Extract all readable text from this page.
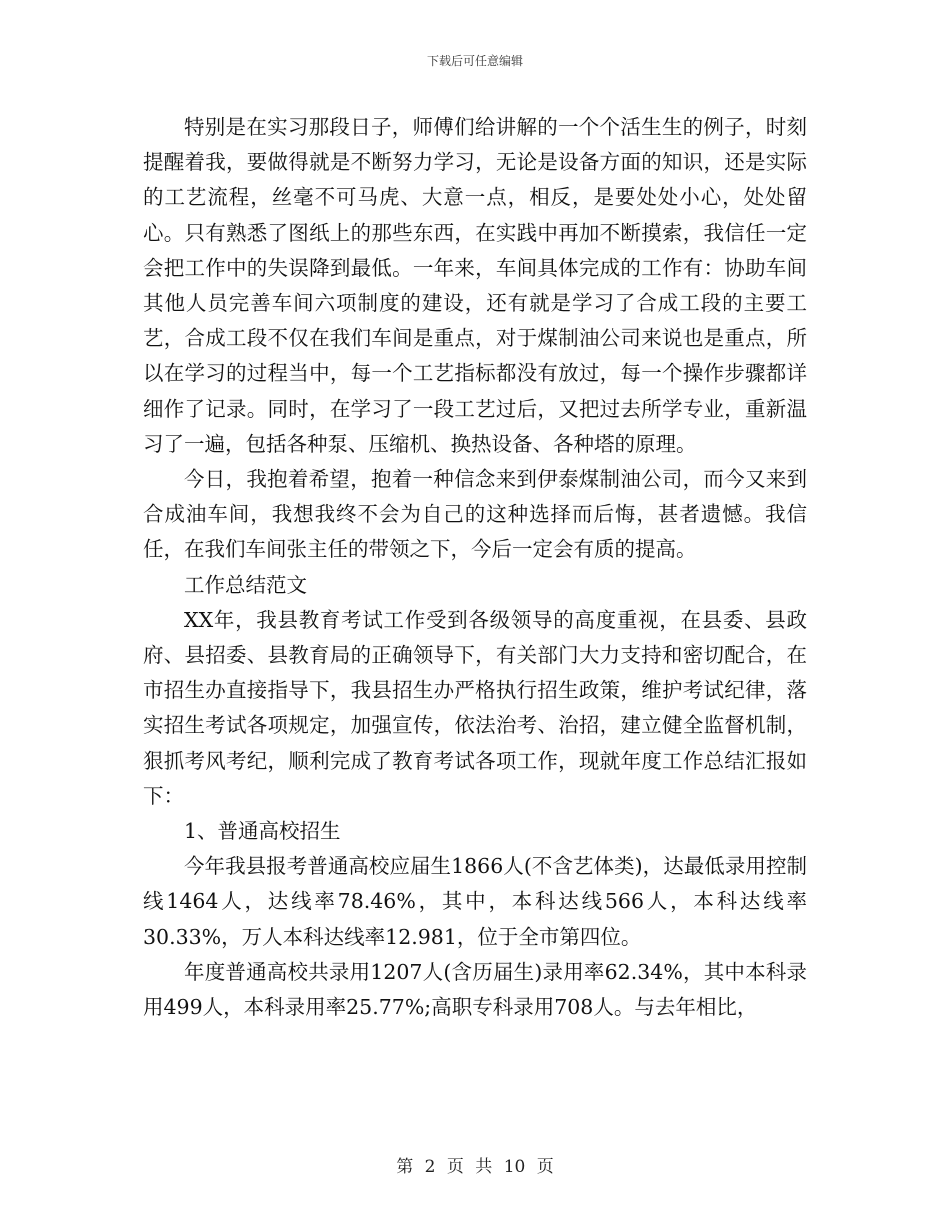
下载后可任意编辑

特别是在实习那段日子，师傅们给讲解的一个个活生生的例子，时刻提醒着我，要做得就是不断努力学习，无论是设备方面的知识，还是实际的工艺流程，丝毫不可马虎、大意一点，相反，是要处处小心，处处留心。只有熟悉了图纸上的那些东西，在实践中再加不断摸索，我信任一定会把工作中的失误降到最低。一年来，车间具体完成的工作有：协助车间其他人员完善车间六项制度的建设，还有就是学习了合成工段的主要工艺，合成工段不仅在我们车间是重点，对于煤制油公司来说也是重点，所以在学习的过程当中，每一个工艺指标都没有放过，每一个操作步骤都详细作了记录。同时，在学习了一段工艺过后，又把过去所学专业，重新温习了一遍，包括各种泵、压缩机、换热设备、各种塔的原理。

今日，我抱着希望，抱着一种信念来到伊泰煤制油公司，而今又来到合成油车间，我想我终不会为自己的这种选择而后悔，甚者遗憾。我信任，在我们车间张主任的带领之下，今后一定会有质的提高。

工作总结范文

XX年，我县教育考试工作受到各级领导的高度重视，在县委、县政府、县招委、县教育局的正确领导下，有关部门大力支持和密切配合，在市招生办直接指导下，我县招生办严格执行招生政策，维护考试纪律，落实招生考试各项规定，加强宣传，依法治考、治招，建立健全监督机制，狠抓考风考纪，顺利完成了教育考试各项工作，现就年度工作总结汇报如下：

1、普通高校招生

今年我县报考普通高校应届生1866人(不含艺体类)，达最低录用控制线1464人，达线率78.46%，其中，本科达线566人，本科达线率30.33%，万人本科达线率12.981，位于全市第四位。

年度普通高校共录用1207人(含历届生)录用率62.34%，其中本科录用499人，本科录用率25.77%;高职专科录用708人。与去年相比，

第 2 页 共 10 页
